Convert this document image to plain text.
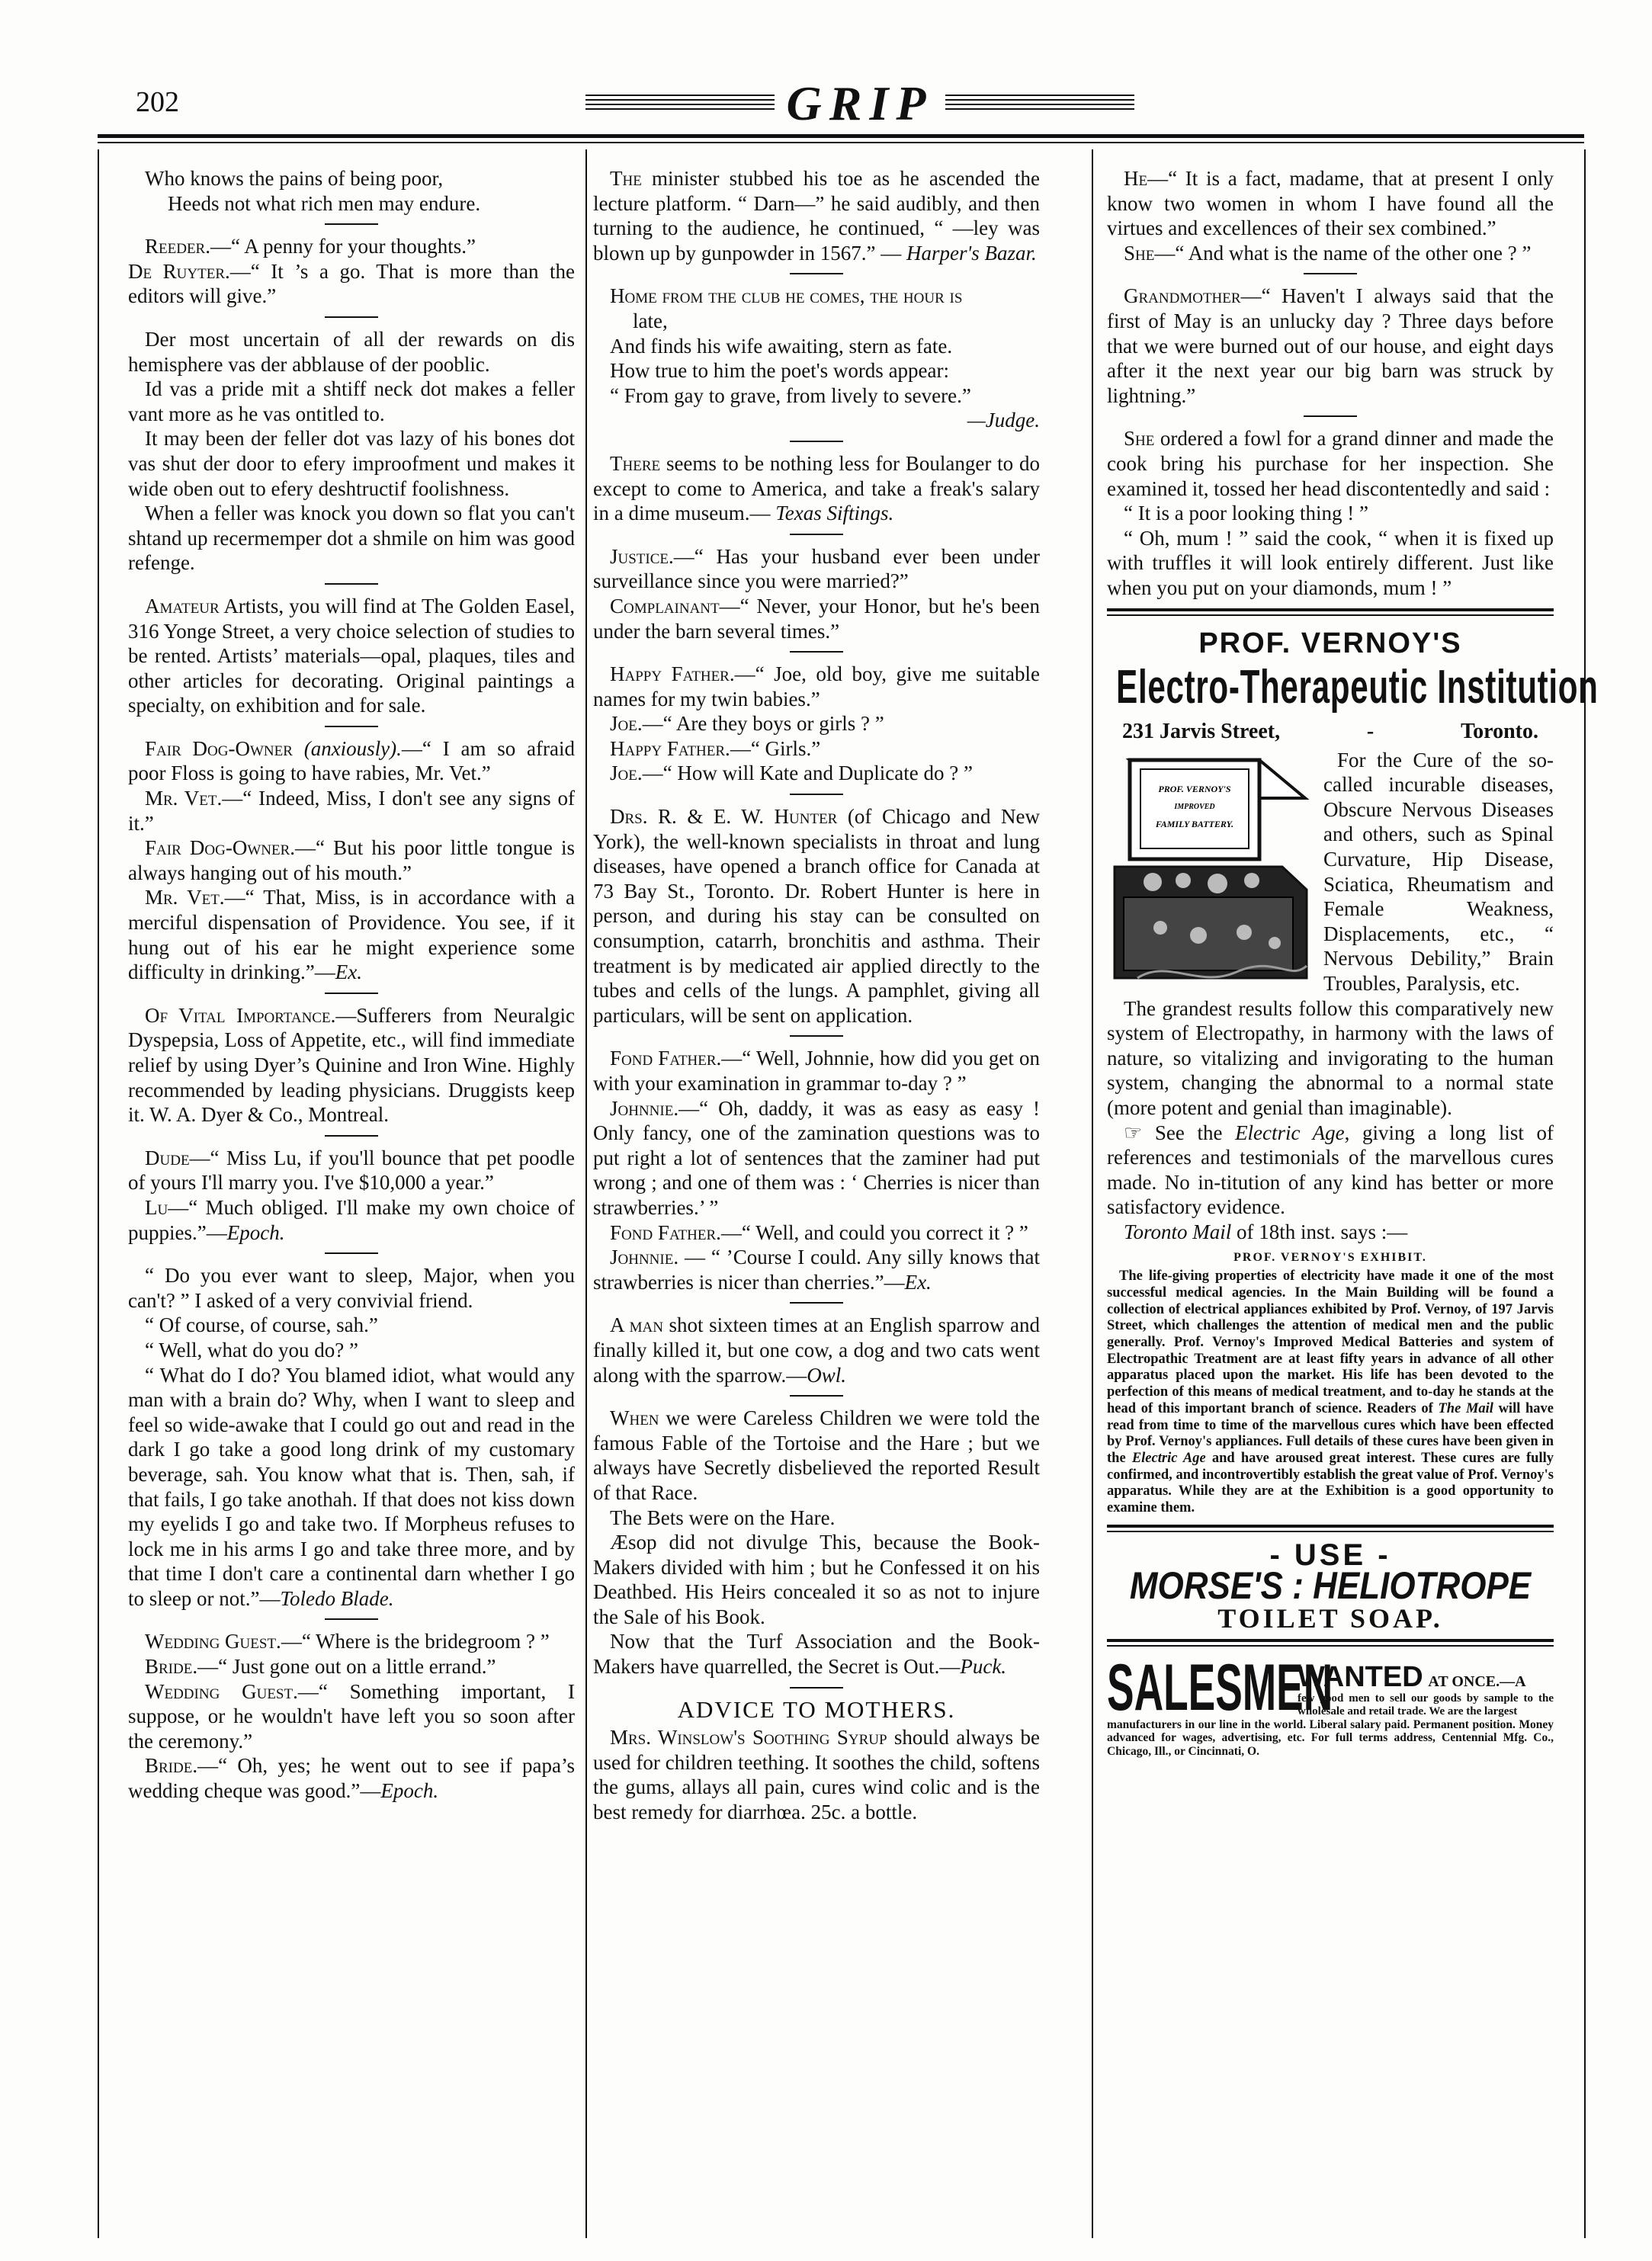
202	GRIP

Who knows the pains of being poor,

Heeds not what rich men may endure.

Reeder.—“ A penny for your thoughts.”

De Ruyter.—“ It ’s a go. That is more than the editors will give.”

Der most uncertain of all der rewards on dis hemisphere vas der abblause of der pooblic.

Id vas a pride mit a shtiff neck dot makes a feller vant more as he vas ontitled to.

It may been der feller dot vas lazy of his bones dot vas shut der door to efery improofment und makes it wide oben out to efery deshtructif foolishness.

When a feller was knock you down so flat you can't shtand up recermemper dot a shmile on him was good refenge.

Amateur Artists, you will find at The Golden Easel, 316 Yonge Street, a very choice selection of studies to be rented. Artists’ materials—opal, plaques, tiles and other articles for decorating. Original paintings a specialty, on exhibition and for sale.

Fair Dog-Owner (anxiously).—“ I am so afraid poor Floss is going to have rabies, Mr. Vet.”

Mr. Vet.—“ Indeed, Miss, I don't see any signs of it.”

Fair Dog-Owner.—“ But his poor little tongue is always hanging out of his mouth.”

Mr. Vet.—“ That, Miss, is in accordance with a merciful dispensation of Providence. You see, if it hung out of his ear he might experience some difficulty in drinking.”—Ex.

Of Vital Importance.—Sufferers from Neuralgic Dyspepsia, Loss of Appetite, etc., will find immediate relief by using Dyer’s Quinine and Iron Wine. Highly recommended by leading physicians. Druggists keep it. W. A. Dyer & Co., Montreal.

Dude—“ Miss Lu, if you'll bounce that pet poodle of yours I'll marry you. I've $10,000 a year.”

Lu—“ Much obliged. I'll make my own choice of puppies.”—Epoch.

“ Do you ever want to sleep, Major, when you can't? ” I asked of a very convivial friend.

“ Of course, of course, sah.”

“ Well, what do you do? ”

“ What do I do? You blamed idiot, what would any man with a brain do? Why, when I want to sleep and feel so wide-awake that I could go out and read in the dark I go take a good long drink of my customary beverage, sah. You know what that is. Then, sah, if that fails, I go take anothah. If that does not kiss down my eyelids I go and take two. If Morpheus refuses to lock me in his arms I go and take three more, and by that time I don't care a continental darn whether I go to sleep or not.”—Toledo Blade.

Wedding Guest.—“ Where is the bridegroom ? ”

Bride.—“ Just gone out on a little errand.”

Wedding Guest.—“ Something important, I suppose, or he wouldn't have left you so soon after the ceremony.”

Bride.—“ Oh, yes; he went out to see if papa’s wedding cheque was good.”—Epoch.

The minister stubbed his toe as he ascended the lecture platform. “ Darn—” he said audibly, and then turning to the audience, he continued, “ —ley was blown up by gunpowder in 1567.” — Harper's Bazar.

Home from the club he comes, the hour is

late,

And finds his wife awaiting, stern as fate.

How true to him the poet's words appear:

“ From gay to grave, from lively to severe.”

—Judge.

There seems to be nothing less for Boulanger to do except to come to America, and take a freak's salary in a dime museum.— Texas Siftings.

Justice.—“ Has your husband ever been under surveillance since you were married?”

Complainant—“ Never, your Honor, but he's been under the barn several times.”

Happy Father.—“ Joe, old boy, give me suitable names for my twin babies.”

Joe.—“ Are they boys or girls ? ”

Happy Father.—“ Girls.”

Joe.—“ How will Kate and Duplicate do ? ”

Drs. R. & E. W. Hunter (of Chicago and New York), the well-known specialists in throat and lung diseases, have opened a branch office for Canada at 73 Bay St., Toronto. Dr. Robert Hunter is here in person, and during his stay can be consulted on consumption, catarrh, bronchitis and asthma. Their treatment is by medicated air applied directly to the tubes and cells of the lungs. A pamphlet, giving all particulars, will be sent on application.

Fond Father.—“ Well, Johnnie, how did you get on with your examination in grammar to-day ? ”

Johnnie.—“ Oh, daddy, it was as easy as easy ! Only fancy, one of the zamination questions was to put right a lot of sentences that the zaminer had put wrong ; and one of them was : ‘ Cherries is nicer than strawberries.’ ”

Fond Father.—“ Well, and could you correct it ? ”

Johnnie. — “ ’Course I could. Any silly knows that strawberries is nicer than cherries.”—Ex.

A man shot sixteen times at an English sparrow and finally killed it, but one cow, a dog and two cats went along with the sparrow.—Owl.

When we were Careless Children we were told the famous Fable of the Tortoise and the Hare ; but we always have Secretly disbelieved the reported Result of that Race.

The Bets were on the Hare.

Æsop did not divulge This, because the Book-Makers divided with him ; but he Confessed it on his Deathbed. His Heirs concealed it so as not to injure the Sale of his Book.

Now that the Turf Association and the Book-Makers have quarrelled, the Secret is Out.—Puck.

ADVICE TO MOTHERS.

Mrs. Winslow's Soothing Syrup should always be used for children teething. It soothes the child, softens the gums, allays all pain, cures wind colic and is the best remedy for diarrhœa. 25c. a bottle.

He—“ It is a fact, madame, that at present I only know two women in whom I have found all the virtues and excellences of their sex combined.”

She—“ And what is the name of the other one ? ”

Grandmother—“ Haven't I always said that the first of May is an unlucky day ? Three days before that we were burned out of our house, and eight days after it the next year our big barn was struck by lightning.”

She ordered a fowl for a grand dinner and made the cook bring his purchase for her inspection. She examined it, tossed her head discontentedly and said :

“ It is a poor looking thing ! ”

“ Oh, mum ! ” said the cook, “ when it is fixed up with truffles it will look entirely different. Just like when you put on your diamonds, mum ! ”

PROF. VERNOY'S
Electro-Therapeutic Institution
231 Jarvis Street,	-	Toronto.
PROF. VERNOY'S
IMPROVED
FAMILY BATTERY.

For the Cure of the so-called incurable diseases, Obscure Nervous Diseases and others, such as Spinal Curvature, Hip Disease, Sciatica, Rheumatism and Female Weakness, Displacements, etc., “ Nervous Debility,” Brain Troubles, Paralysis, etc.

The grandest results follow this comparatively new system of Electropathy, in harmony with the laws of nature, so vitalizing and invigorating to the human system, changing the abnormal to a normal state (more potent and genial than imaginable).

☞ See the Electric Age, giving a long list of references and testimonials of the marvellous cures made. No in-titution of any kind has better or more satisfactory evidence.

Toronto Mail of 18th inst. says :—

PROF. VERNOY'S EXHIBIT.

The life-giving properties of electricity have made it one of the most successful medical agencies. In the Main Building will be found a collection of electrical appliances exhibited by Prof. Vernoy, of 197 Jarvis Street, which challenges the attention of medical men and the public generally. Prof. Vernoy's Improved Medical Batteries and system of Electropathic Treatment are at least fifty years in advance of all other apparatus placed upon the market. His life has been devoted to the perfection of this means of medical treatment, and to-day he stands at the head of this important branch of science. Readers of The Mail will have read from time to time of the marvellous cures which have been effected by Prof. Vernoy's appliances. Full details of these cures have been given in the Electric Age and have aroused great interest. These cures are fully confirmed, and incontrovertibly establish the great value of Prof. Vernoy's apparatus. While they are at the Exhibition is a good opportunity to examine them.

- USE -
MORSE'S : HELIOTROPE
TOILET SOAP.
SALESMEN
WANTED AT ONCE.—A
few good men to sell our goods by sample to the wholesale and retail trade. We are the largest
manufacturers in our line in the world. Liberal salary paid. Permanent position. Money advanced for wages, advertising, etc. For full terms address, Centennial Mfg. Co., Chicago, Ill., or Cincinnati, O.
